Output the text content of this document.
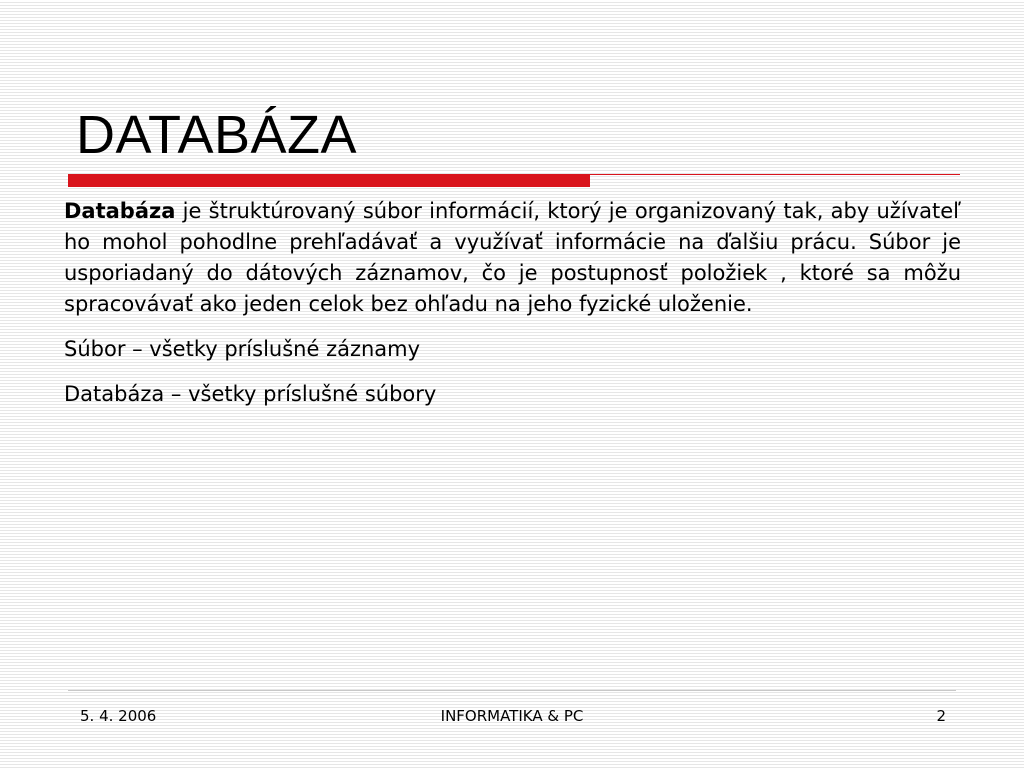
DATABÁZA

Databáza je štruktúrovaný súbor informácií, ktorý je organizovaný tak, aby užívateľ ho mohol pohodlne prehľadávať a využívať informácie na ďalšiu prácu. Súbor je usporiadaný do dátových záznamov, čo je postupnosť položiek , ktoré sa môžu spracovávať ako jeden celok bez ohľadu na jeho fyzické uloženie.

Súbor – všetky príslušné záznamy

Databáza – všetky príslušné súbory

5. 4. 2006	INFORMATIKA & PC	2
